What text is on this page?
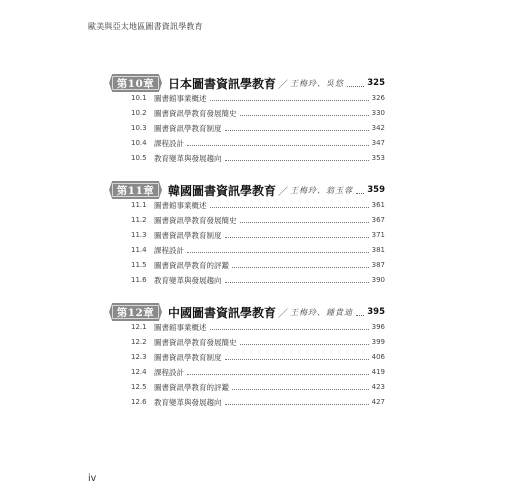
歐美與亞太地區圖書資訊學教育
第10章 日本圖書資訊學教育 ／ 王梅玲、吳悠	325
10.1 圖書館事業概述	326
10.2 圖書資訊學教育發展簡史	330
10.3 圖書資訊學教育制度	342
10.4 課程設計	347
10.5 教育變革與發展趨向	353
第11章 韓國圖書資訊學教育 ／ 王梅玲、翁玉蓉 359
11.1 圖書館事業概述	361
11.2 圖書資訊學教育發展簡史	367
11.3 圖書資訊學教育制度	371
11.4 課程設計	381
11.5 圖書資訊學教育的評鑑	387
11.6 教育變革與發展趨向	390
第12章 中國圖書資訊學教育 ／ 王梅玲、鍾貴迪 395
12.1 圖書館事業概述	396
12.2 圖書資訊學教育發展簡史	399
12.3 圖書資訊學教育制度	406
12.4 課程設計	419
12.5 圖書資訊學教育的評鑑	423
12.6 教育變革與發展趨向	427
iv
